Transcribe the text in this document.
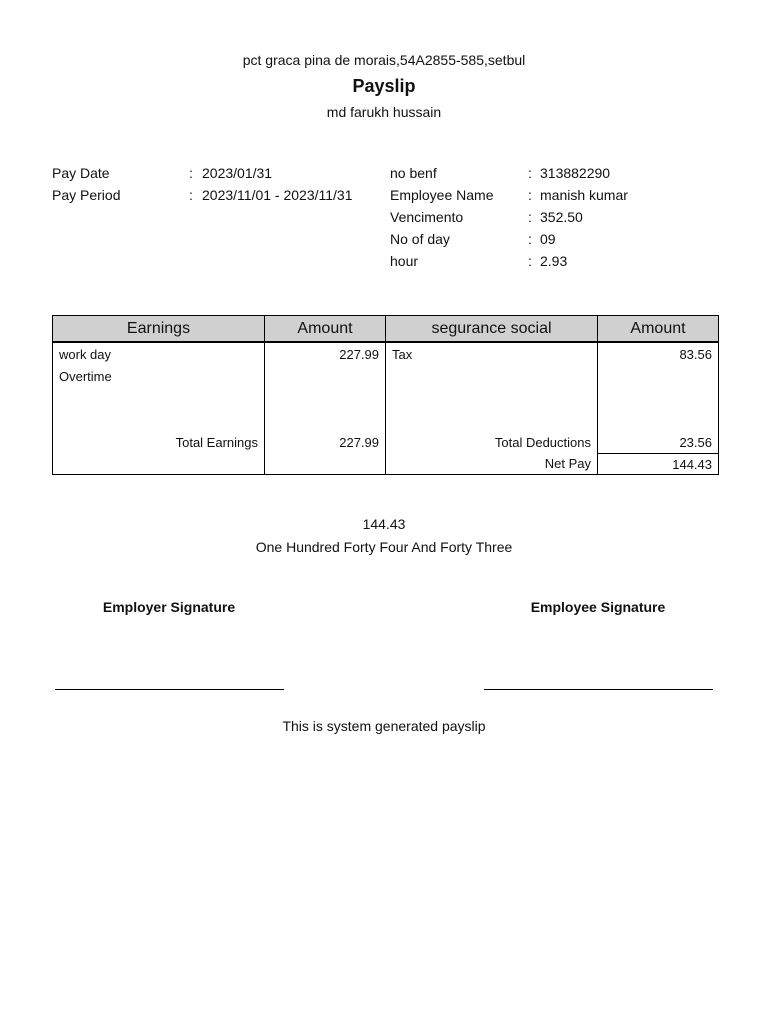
pct graca pina de morais,54A2855-585,setbul
Payslip
md farukh hussain
Pay Date	: 2023/01/31
Pay Period	: 2023/11/01 - 2023/11/31
no benf	: 313882290
Employee Name : manish kumar
Vencimento	: 352.50
No of day	: 09
hour	: 2.93
Earnings	Amount	segurance social	Amount
work day	227.99	Tax	83.56
Overtime			

Total Earnings	227.99	Total Deductions	23.56
		Net Pay	144.43
144.43
One Hundred Forty Four And Forty Three
Employer Signature	Employee Signature
This is system generated payslip
